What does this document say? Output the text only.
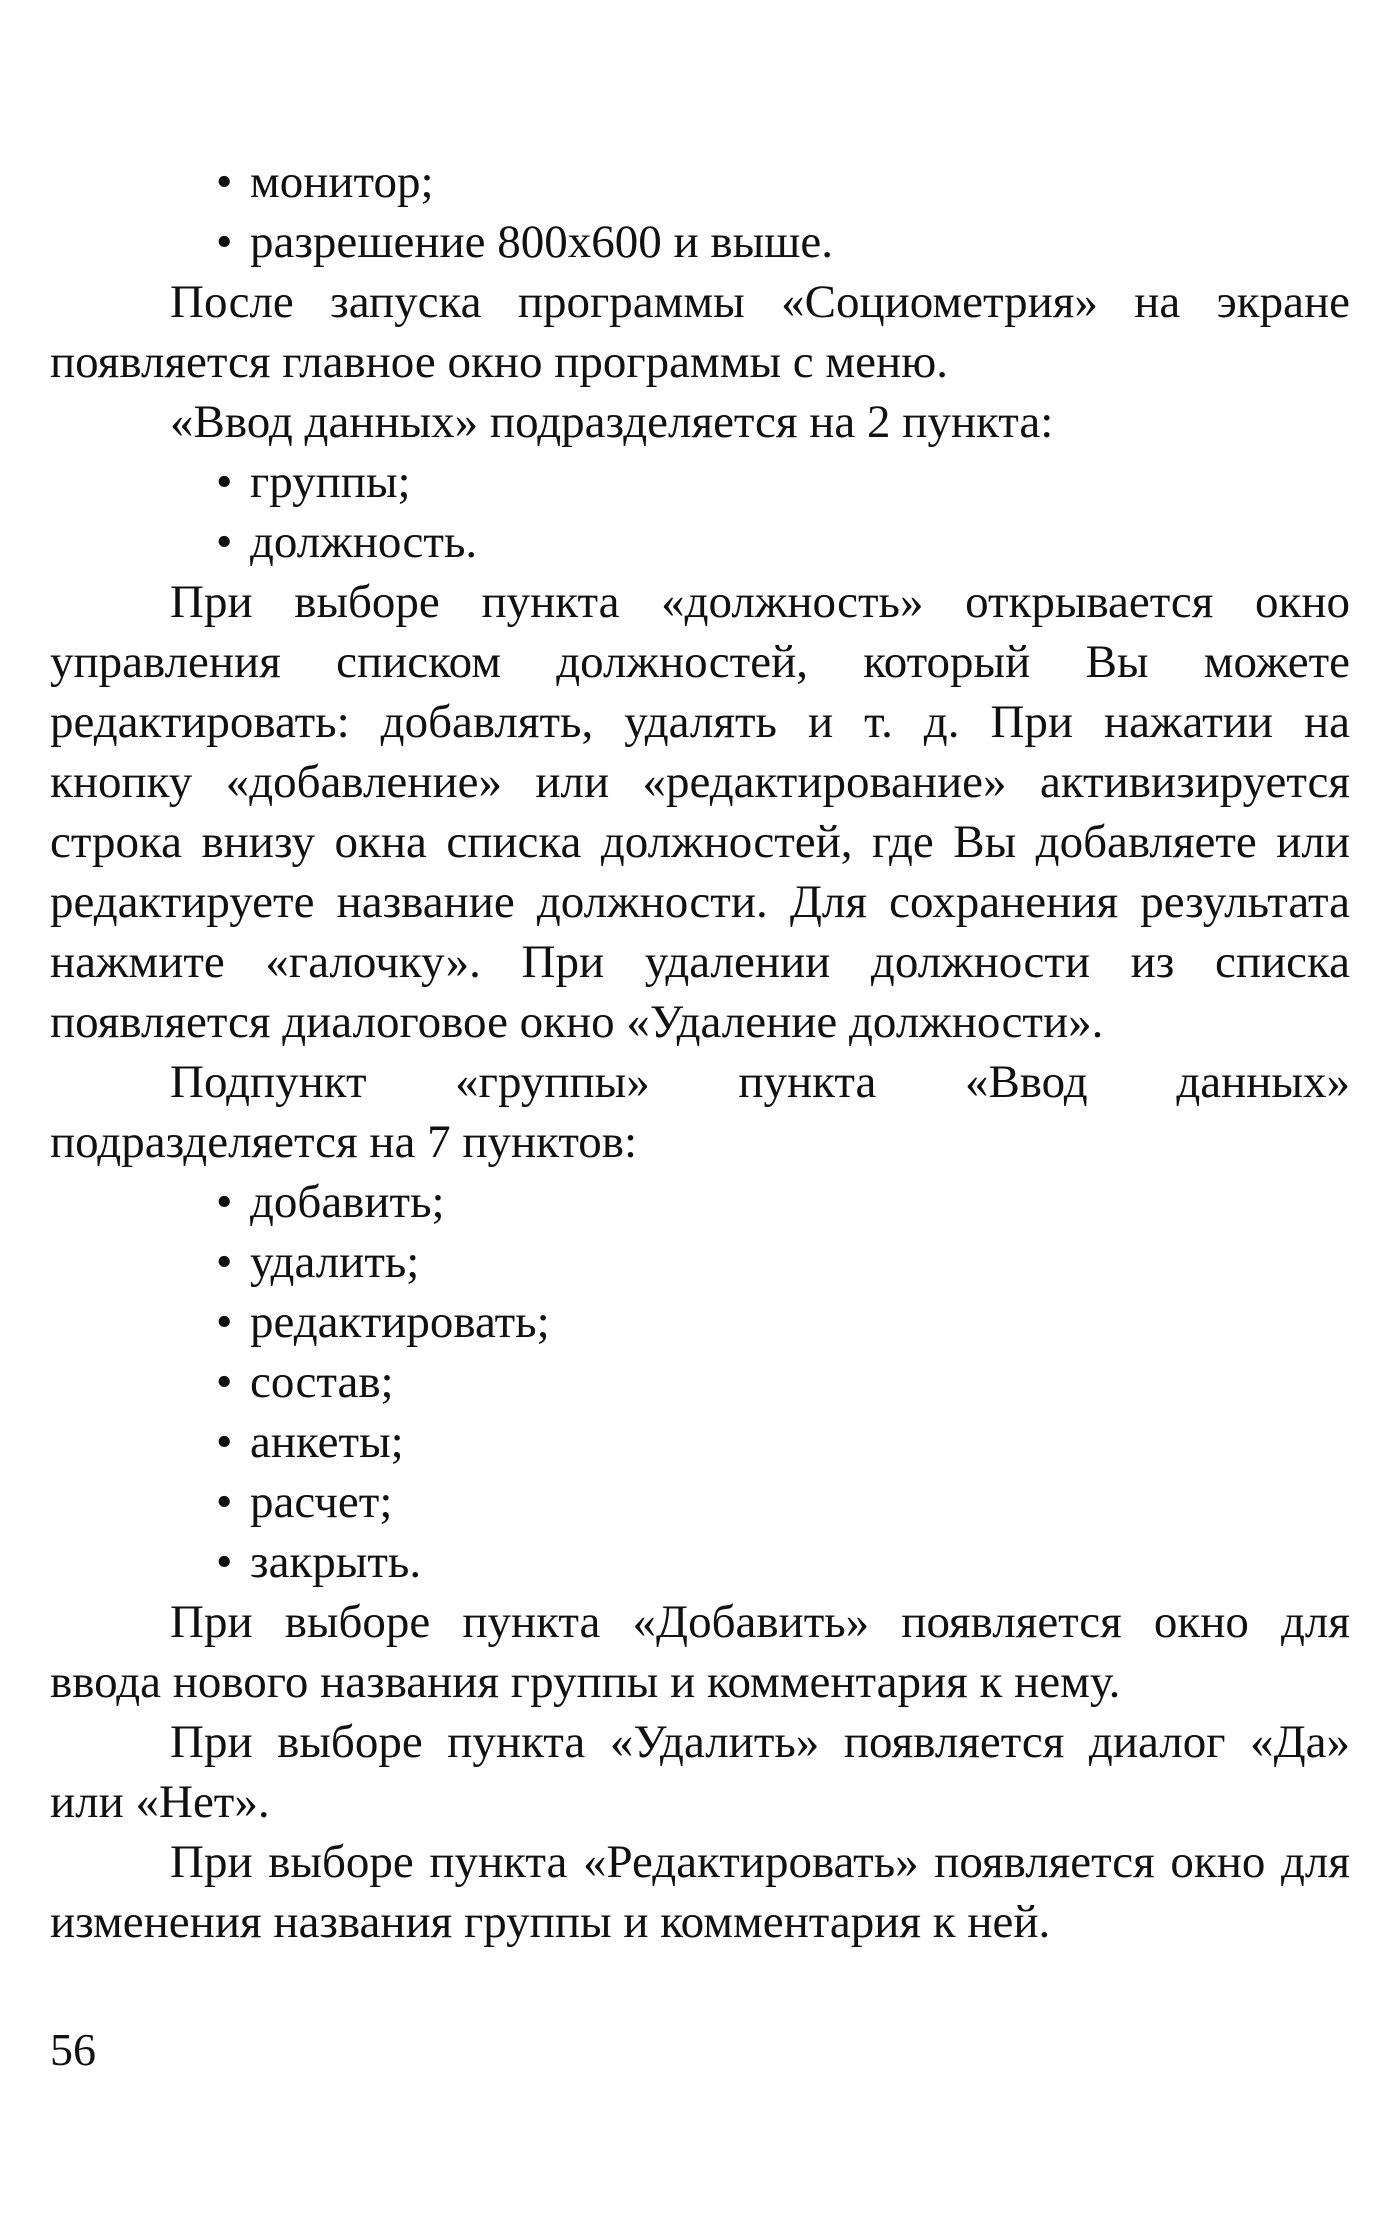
• монитор;
• разрешение 800x600 и выше.

После запуска программы «Социометрия» на экране появляется главное окно программы с меню.

«Ввод данных» подразделяется на 2 пункта:

• группы;
• должность.

При выборе пункта «должность» открывается окно управления списком должностей, который Вы можете редактировать: добавлять, удалять и т. д. При нажатии на кнопку «добавление» или «редактирование» активизируется строка внизу окна списка должностей, где Вы добавляете или редактируете название должности. Для сохранения результата нажмите «галочку». При удалении должности из списка появляется диалоговое окно «Удаление должности».

Подпункт «группы» пункта «Ввод данных» подразделяется на 7 пунктов:

• добавить;
• удалить;
• редактировать;
• состав;
• анкеты;
• расчет;
• закрыть.

При выборе пункта «Добавить» появляется окно для ввода нового названия группы и комментария к нему.

При выборе пункта «Удалить» появляется диалог «Да» или «Нет».

При выборе пункта «Редактировать» появляется окно для изменения названия группы и комментария к ней.

56
